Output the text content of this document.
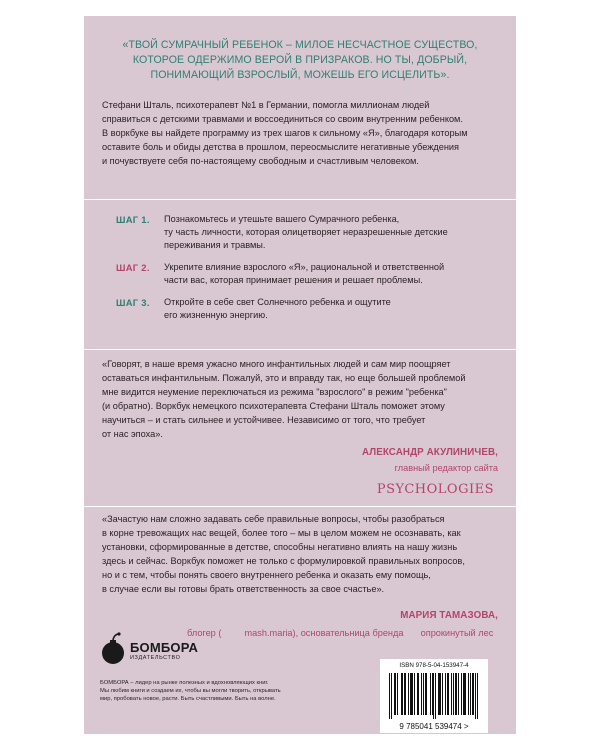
«ТВОЙ СУМРАЧНЫЙ РЕБЕНОК – МИЛОЕ НЕСЧАСТНОЕ СУЩЕСТВО,
КОТОРОЕ ОДЕРЖИМО ВЕРОЙ В ПРИЗРАКОВ. НО ТЫ, ДОБРЫЙ,
ПОНИМАЮЩИЙ ВЗРОСЛЫЙ, МОЖЕШЬ ЕГО ИСЦЕЛИТЬ».
Стефани Шталь, психотерапевт №1 в Германии, помогла миллионам людей
справиться с детскими травмами и воссоединиться со своим внутренним ребенком.
В воркбуке вы найдете программу из трех шагов к сильному «Я», благодаря которым
оставите боль и обиды детства в прошлом, переосмыслите негативные убеждения
и почувствуете себя по-настоящему свободным и счастливым человеком.
ШАГ 1. Познакомьтесь и утешьте вашего Сумрачного ребенка,
ту часть личности, которая олицетворяет неразрешенные детские
переживания и травмы.
ШАГ 2. Укрепите влияние взрослого «Я», рациональной и ответственной
части вас, которая принимает решения и решает проблемы.
ШАГ 3. Откройте в себе свет Солнечного ребенка и ощутите
его жизненную энергию.
«Говорят, в наше время ужасно много инфантильных людей и сам мир поощряет
оставаться инфантильным. Пожалуй, это и вправду так, но еще большей проблемой
мне видится неумение переключаться из режима "взрослого" в режим "ребенка"
(и обратно). Воркбук немецкого психотерапевта Стефани Шталь поможет этому
научиться – и стать сильнее и устойчивее. Независимо от того, что требует
от нас эпоха».
АЛЕКСАНДР АКУЛИНИЧЕВ,
главный редактор сайта
PSYCHOLOGIES
«Зачастую нам сложно задавать себе правильные вопросы, чтобы разобраться
в корне тревожащих нас вещей, более того – мы в целом можем не осознавать, как
установки, сформированные в детстве, способны негативно влиять на нашу жизнь
здесь и сейчас. Воркбук поможет не только с формулировкой правильных вопросов,
но и с тем, чтобы понять своего внутреннего ребенка и оказать ему помощь,
в случае если вы готовы брать ответственность за свое счастье».
МАРИЯ ТАМАЗОВА,
блогер (	mash.maria), основательница бренда опрокинутый лес
БОМБОРА
ИЗДАТЕЛЬСТВО
БОМБОРА – лидер на рынке полезных и вдохновляющих книг.
Мы любим книги и создаем их, чтобы вы могли творить, открывать
мир, пробовать новое, расти. Быть счастливыми. Быть на волне.
ISBN 978-5-04-153947-4
9 785041 539474 >
